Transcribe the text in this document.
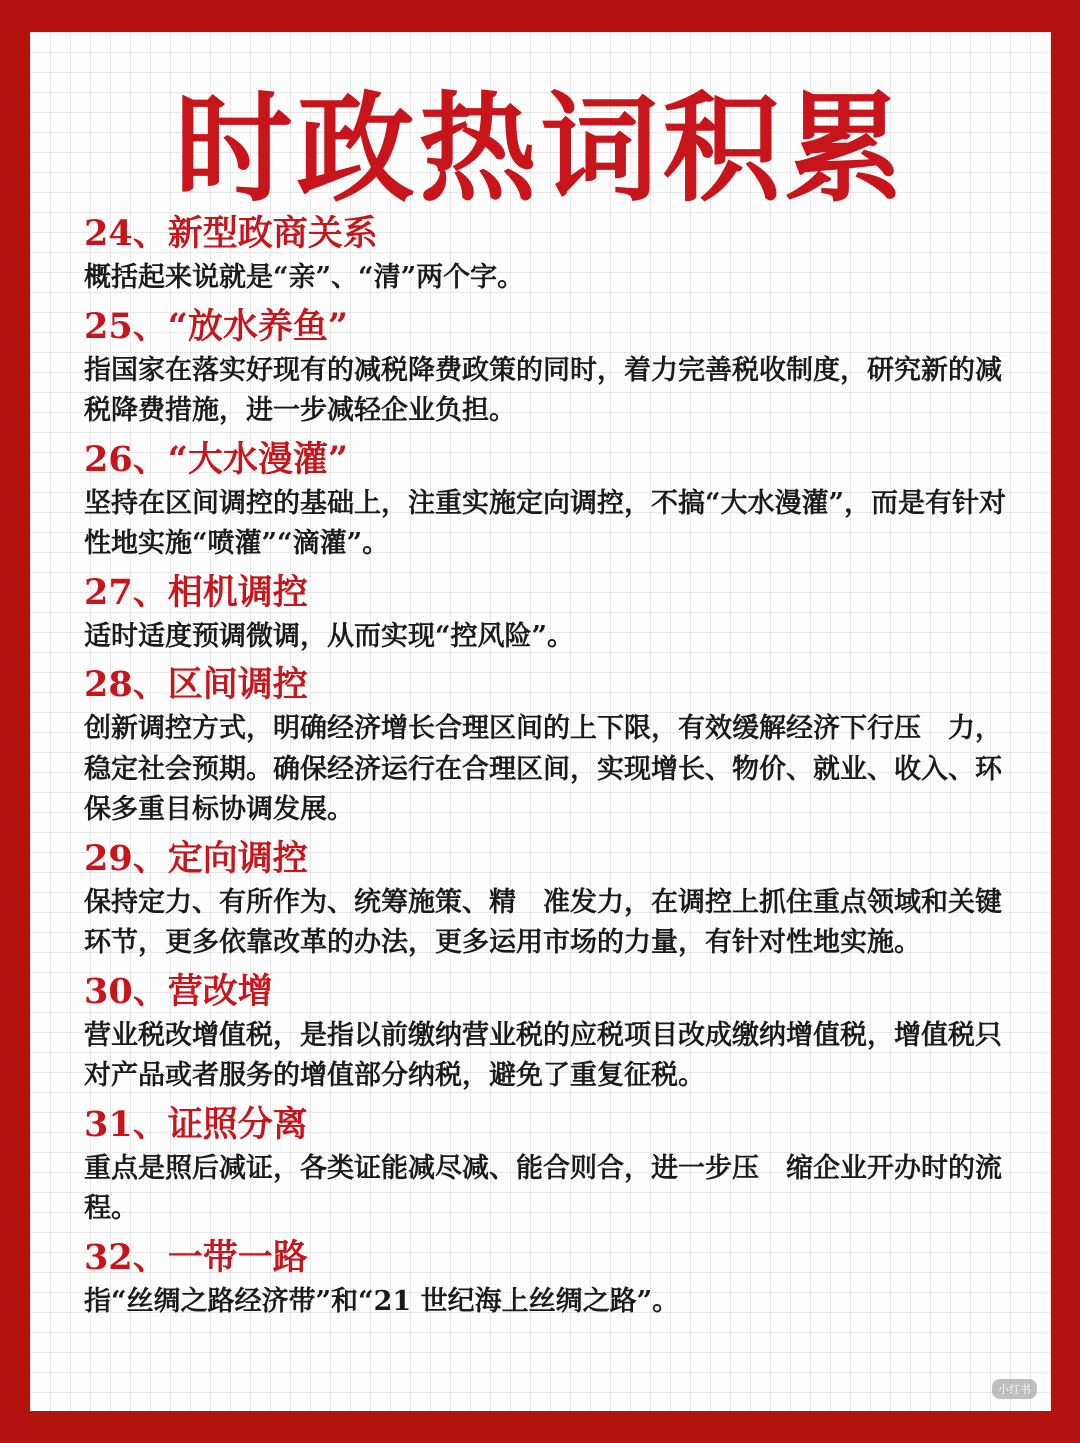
时政热词积累
24、新型政商关系
概括起来说就是“亲”、“清”两个字。
25、“放水养鱼”
指国家在落实好现有的减税降费政策的同时，着力完善税收制度，研究新的减税降费措施，进一步减轻企业负担。
26、“大水漫灌”
坚持在区间调控的基础上，注重实施定向调控，不搞“大水漫灌”，而是有针对性地实施“喷灌”“滴灌”。
27、相机调控
适时适度预调微调，从而实现“控风险”。
28、区间调控
创新调控方式，明确经济增长合理区间的上下限，有效缓解经济下行压　力，稳定社会预期。确保经济运行在合理区间，实现增长、物价、就业、收入、环保多重目标协调发展。
29、定向调控
保持定力、有所作为、统筹施策、精　准发力，在调控上抓住重点领域和关键环节，更多依靠改革的办法，更多运用市场的力量，有针对性地实施。
30、营改增
营业税改增值税，是指以前缴纳营业税的应税项目改成缴纳增值税，增值税只对产品或者服务的增值部分纳税，避免了重复征税。
31、证照分离
重点是照后减证，各类证能减尽减、能合则合，进一步压　缩企业开办时的流程。
32、一带一路
指“丝绸之路经济带”和“21 世纪海上丝绸之路”。
小红书
